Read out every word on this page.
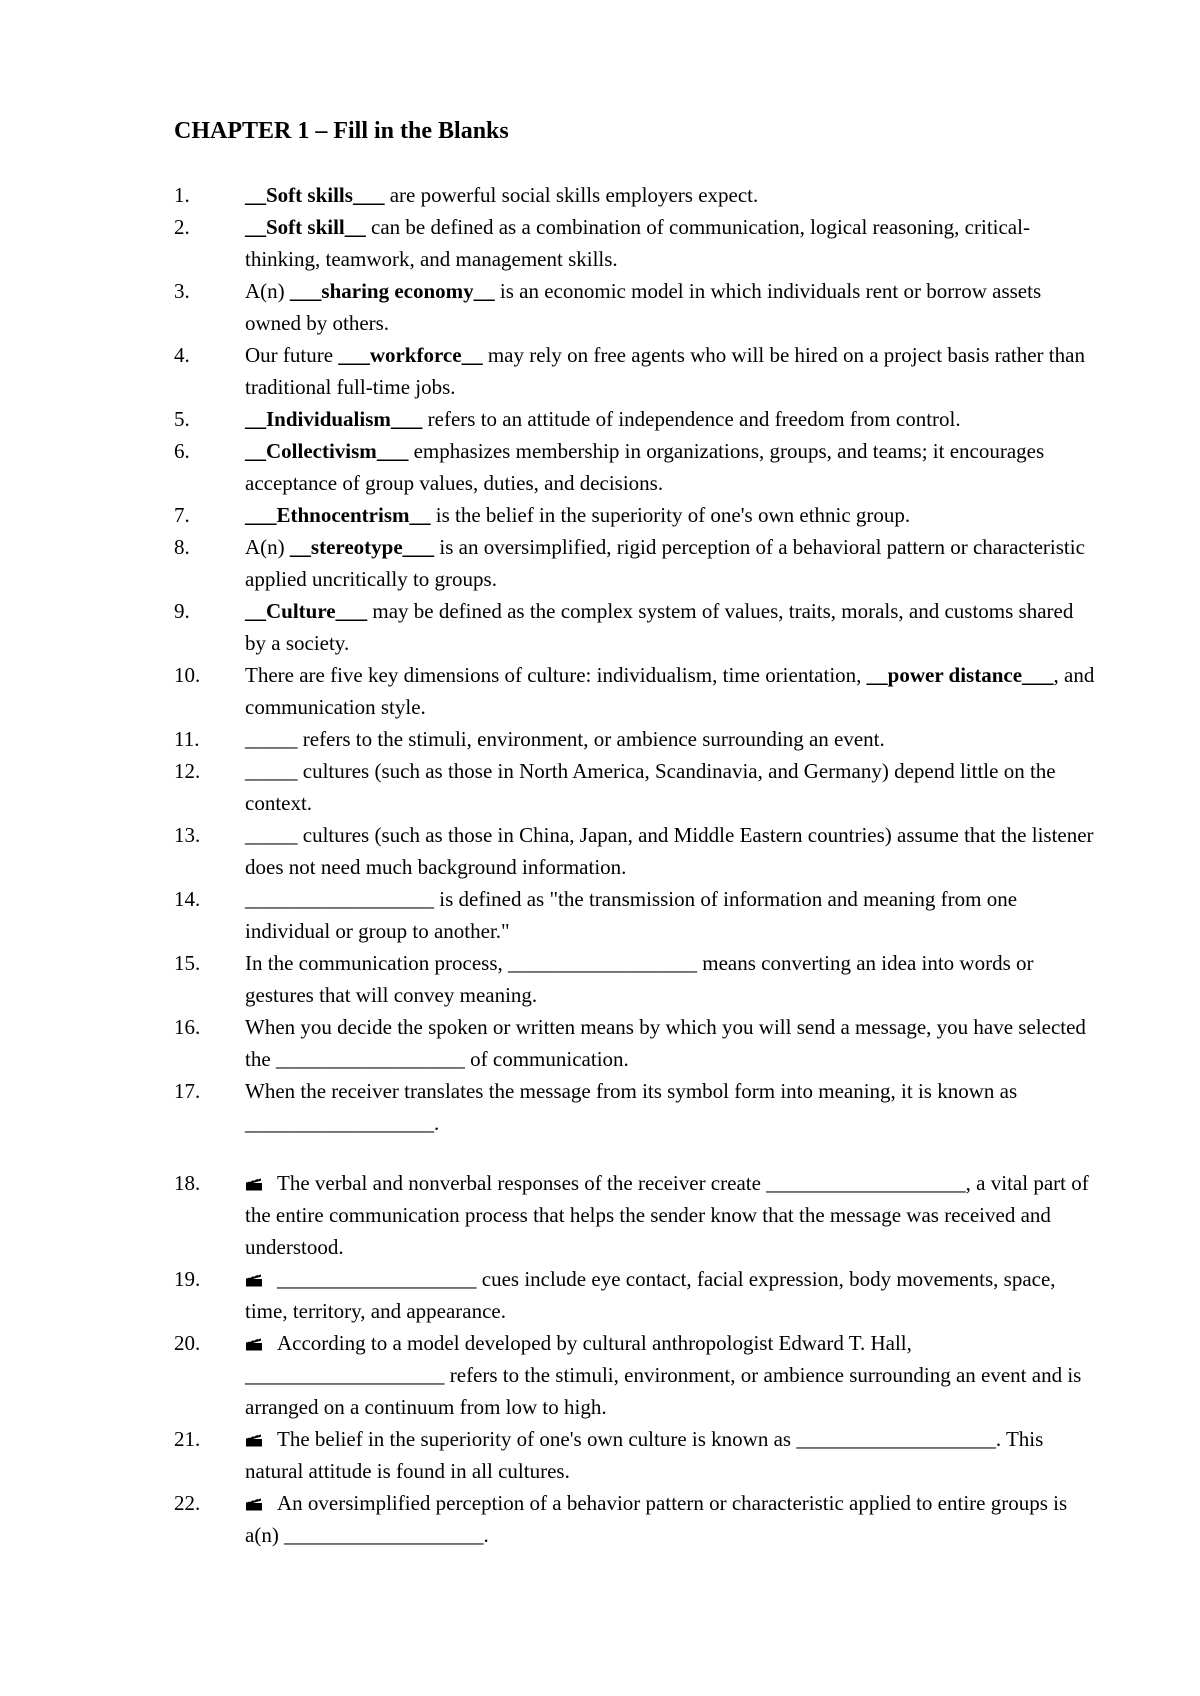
CHAPTER 1 – Fill in the Blanks
1.	__Soft skills___ are powerful social skills employers expect.
2.	__Soft skill__ can be defined as a combination of communication, logical reasoning, critical-thinking, teamwork, and management skills.
3.	A(n) ___sharing economy__ is an economic model in which individuals rent or borrow assets owned by others.
4.	Our future ___workforce__ may rely on free agents who will be hired on a project basis rather than traditional full-time jobs.
5.	__Individualism___ refers to an attitude of independence and freedom from control.
6.	__Collectivism___ emphasizes membership in organizations, groups, and teams; it encourages acceptance of group values, duties, and decisions.
7.	___Ethnocentrism__ is the belief in the superiority of one's own ethnic group.
8.	A(n) __stereotype___ is an oversimplified, rigid perception of a behavioral pattern or characteristic applied uncritically to groups.
9.	__Culture___ may be defined as the complex system of values, traits, morals, and customs shared by a society.
10.	There are five key dimensions of culture: individualism, time orientation, __power distance___, and communication style.
11.	_____ refers to the stimuli, environment, or ambience surrounding an event.
12.	_____ cultures (such as those in North America, Scandinavia, and Germany) depend little on the context.
13.	_____ cultures (such as those in China, Japan, and Middle Eastern countries) assume that the listener does not need much background information.
14.	__________________ is defined as "the transmission of information and meaning from one individual or group to another."
15.	In the communication process, __________________ means converting an idea into words or gestures that will convey meaning.
16.	When you decide the spoken or written means by which you will send a message, you have selected the __________________ of communication.
17.	When the receiver translates the message from its symbol form into meaning, it is known as __________________.
18.	The verbal and nonverbal responses of the receiver create ___________________, a vital part of the entire communication process that helps the sender know that the message was received and understood.
19.	___________________ cues include eye contact, facial expression, body movements, space, time, territory, and appearance.
20.	According to a model developed by cultural anthropologist Edward T. Hall, ___________________ refers to the stimuli, environment, or ambience surrounding an event and is arranged on a continuum from low to high.
21.	The belief in the superiority of one's own culture is known as ___________________. This natural attitude is found in all cultures.
22.	An oversimplified perception of a behavior pattern or characteristic applied to entire groups is a(n) ___________________.
